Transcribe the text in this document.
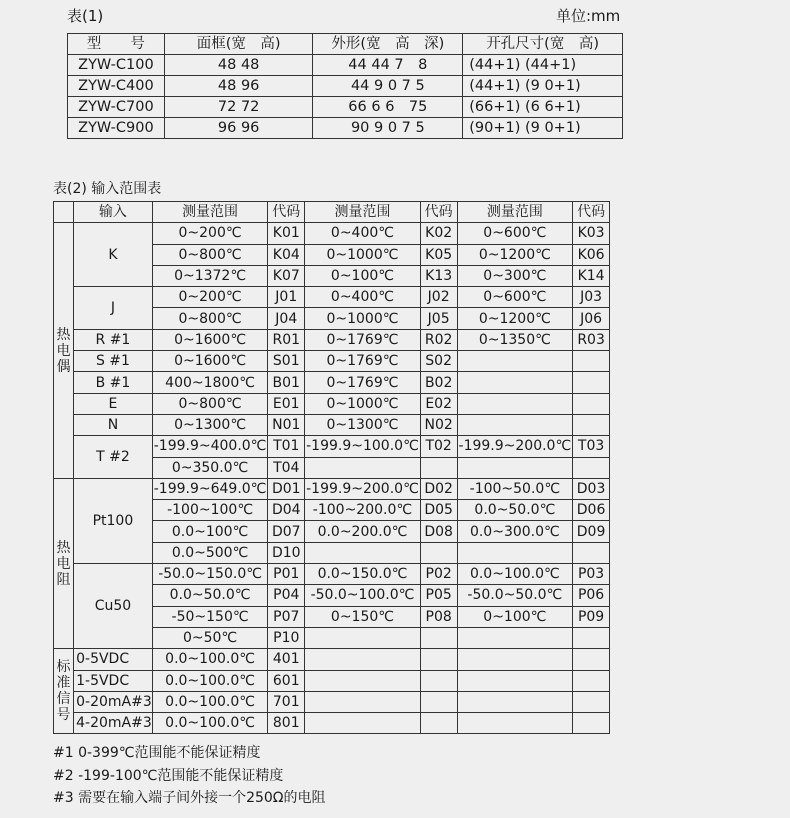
表(1)	单位:mm
型　　号	面框(宽　高)	外形(宽　高　深)	开孔尺寸(宽　高)
ZYW-C100	48 48	44 44 7　8	(44+1) (44+1)
ZYW-C400	48 96	44 9 0 7 5	(44+1) (9 0+1)
ZYW-C700	72 72	66 6 6　75	(66+1) (6 6+1)
ZYW-C900	96 96	90 9 0 7 5	(90+1) (9 0+1)
表(2) 输入范围表
	输入	测量范围	代码	测量范围	代码	测量范围	代码

热
电
偶	K	0~200℃	K01	0~400℃	K02	0~600℃	K03
		0~800℃	K04	0~1000℃	K05	0~1200℃	K06
		0~1372℃	K07	0~100℃	K13	0~300℃	K14
	J	0~200℃	J01	0~400℃	J02	0~600℃	J03
		0~800℃	J04	0~1000℃	J05	0~1200℃	J06
	R #1	0~1600℃	R01	0~1769℃	R02	0~1350℃	R03
	S #1	0~1600℃	S01	0~1769℃	S02		
	B #1	400~1800℃	B01	0~1769℃	B02		
	E	0~800℃	E01	0~1000℃	E02		
	N	0~1300℃	N01	0~1300℃	N02		
	T #2	-199.9~400.0℃	T01	-199.9~100.0℃	T02	-199.9~200.0℃	T03
		0~350.0℃	T04				

热
电
阻	Pt100	-199.9~649.0℃	D01	-199.9~200.0℃	D02	-100~50.0℃	D03
		-100~100℃	D04	-100~200.0℃	D05	0.0~50.0℃	D06
		0.0~100℃	D07	0.0~200.0℃	D08	0.0~300.0℃	D09
		0.0~500℃	D10				
	Cu50	-50.0~150.0℃	P01	0.0~150.0℃	P02	0.0~100.0℃	P03
		0.0~50.0℃	P04	-50.0~100.0℃	P05	-50.0~50.0℃	P06
		-50~150℃	P07	0~150℃	P08	0~100℃	P09
		0~50℃	P10				

标
准
信
号	0-5VDC	0.0~100.0℃	401				
	1-5VDC	0.0~100.0℃	601				
	0-20mA#3	0.0~100.0℃	701				
	4-20mA#3	0.0~100.0℃	801				
#1 0-399℃范围能不能保证精度
#2 -199-100℃范围能不能保证精度
#3 需要在输入端子间外接一个250Ω的电阻
